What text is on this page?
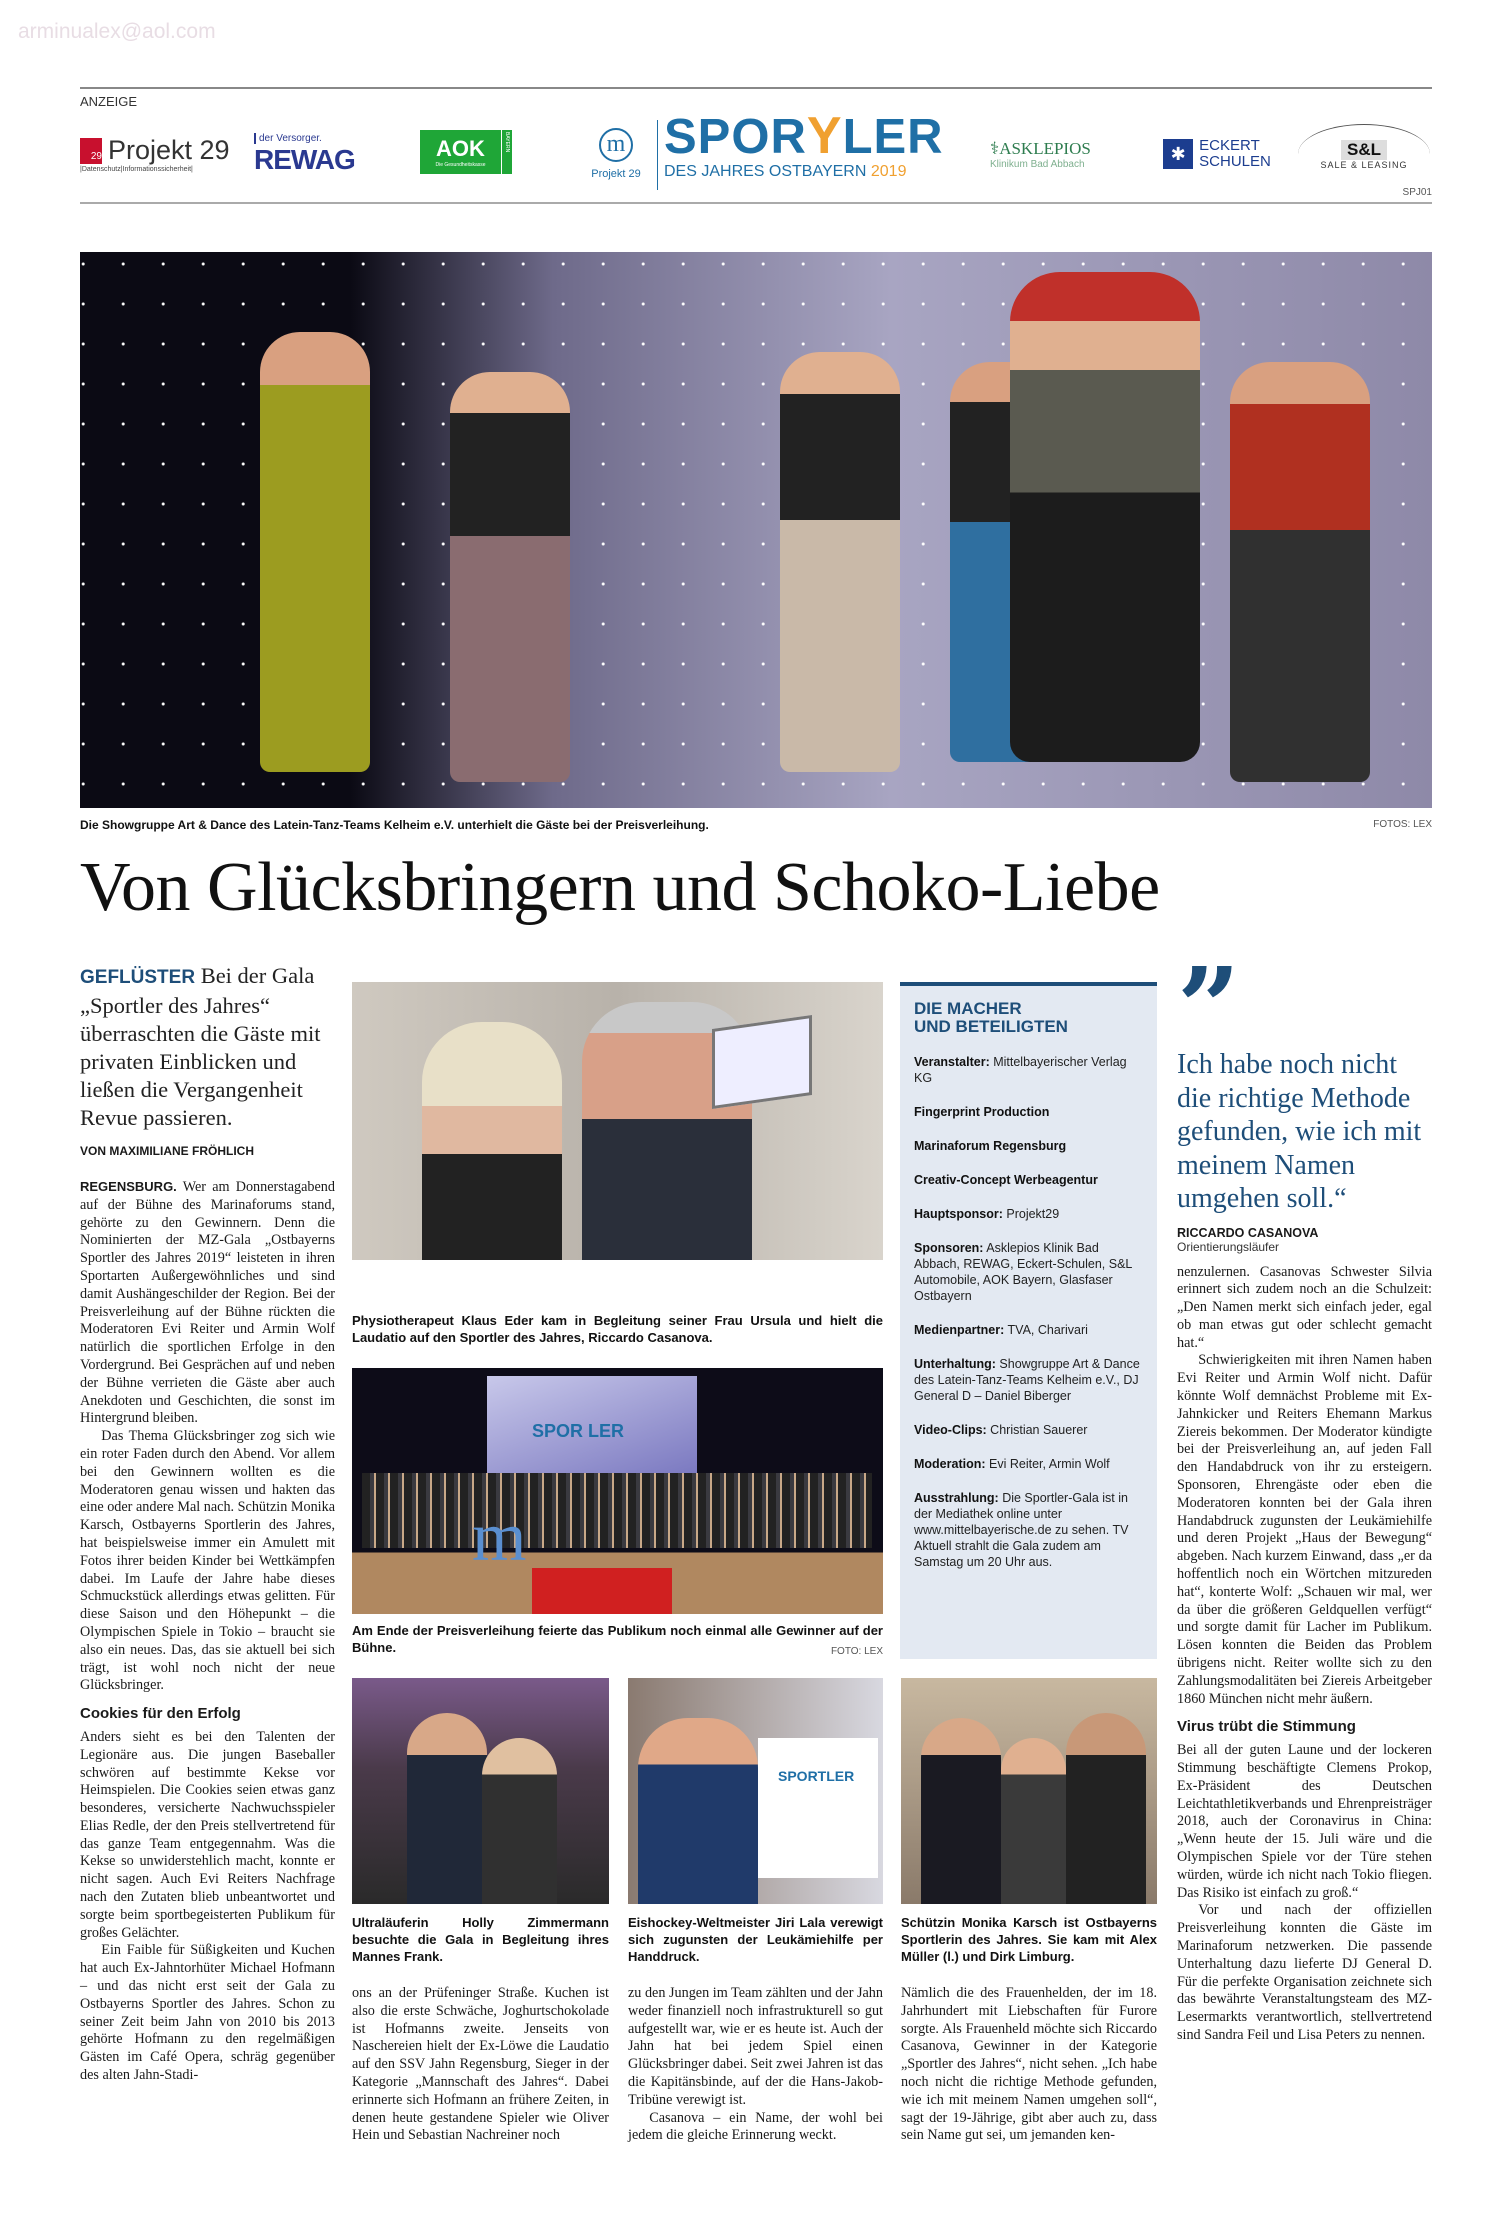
arminualex@aol.com
ANZEIGE
29 Projekt 29
|Datenschutz|Informationssicherheit|
der Versorger.
REWAG	AOK
Die Gesundheitskasse
BAYERN	m
Projekt 29
SPORYLER
DES JAHRES OSTBAYERN 2019
⚕ASKLEPIOS
Klinikum Bad Abbach	✱ ECKERT
SCHULEN
S&L
SALE & LEASING
SPJ01
Die Showgruppe Art & Dance des Latein-Tanz-Teams Kelheim e.V. unterhielt die Gäste bei der Preisverleihung.	FOTOS: LEX
Von Glücksbringern und Schoko-Liebe
GEFLÜSTER Bei der Gala „Sportler des Jahres“ überraschten die Gäste mit privaten Einblicken und ließen die Vergangenheit Revue passieren.
VON MAXIMILIANE FRÖHLICH

REGENSBURG. Wer am Donnerstagabend auf der Bühne des Marinaforums stand, gehörte zu den Gewinnern. Denn die Nominierten der MZ-Gala „Ostbayerns Sportler des Jahres 2019“ leisteten in ihren Sportarten Außergewöhnliches und sind damit Aushängeschilder der Region. Bei der Preisverleihung auf der Bühne rückten die Moderatoren Evi Reiter und Armin Wolf natürlich die sportlichen Erfolge in den Vordergrund. Bei Gesprächen auf und neben der Bühne verrieten die Gäste aber auch Anekdoten und Geschichten, die sonst im Hintergrund bleiben.

Das Thema Glücksbringer zog sich wie ein roter Faden durch den Abend. Vor allem bei den Gewinnern wollten es die Moderatoren genau wissen und hakten das eine oder andere Mal nach. Schützin Monika Karsch, Ostbayerns Sportlerin des Jahres, hat beispielsweise immer ein Amulett mit Fotos ihrer beiden Kinder bei Wettkämpfen dabei. Im Laufe der Jahre habe dieses Schmuckstück allerdings etwas gelitten. Für diese Saison und den Höhepunkt – die Olympischen Spiele in Tokio – braucht sie also ein neues. Das, das sie aktuell bei sich trägt, ist wohl noch nicht der neue Glücksbringer.

Cookies für den Erfolg

Anders sieht es bei den Talenten der Legionäre aus. Die jungen Baseballer schwören auf bestimmte Kekse vor Heimspielen. Die Cookies seien etwas ganz besonderes, versicherte Nachwuchsspieler Elias Redle, der den Preis stellvertretend für das ganze Team entgegennahm. Was die Kekse so unwiderstehlich macht, konnte er nicht sagen. Auch Evi Reiters Nachfrage nach den Zutaten blieb unbeantwortet und sorgte beim sportbegeisterten Publikum für großes Gelächter.

Ein Faible für Süßigkeiten und Kuchen hat auch Ex-Jahntorhüter Michael Hofmann – und das nicht erst seit der Gala zu Ostbayerns Sportler des Jahres. Schon zu seiner Zeit beim Jahn von 2010 bis 2013 gehörte Hofmann zu den regelmäßigen Gästen im Café Opera, schräg gegenüber des alten Jahn-Stadi-

Physiotherapeut Klaus Eder kam in Begleitung seiner Frau Ursula und hielt die Laudatio auf den Sportler des Jahres, Riccardo Casanova.
SPOR LER
m
Am Ende der Preisverleihung feierte das Publikum noch einmal alle Gewinner auf der Bühne.	FOTO: LEX
SPORTLER
Ultraläuferin Holly Zimmermann besuchte die Gala in Begleitung ihres Mannes Frank.

ons an der Prüfeninger Straße. Kuchen ist also die erste Schwäche, Joghurtschokolade ist Hofmanns zweite. Jenseits von Naschereien hielt der Ex-Löwe die Laudatio auf den SSV Jahn Regensburg, Sieger in der Kategorie „Mannschaft des Jahres“. Dabei erinnerte sich Hofmann an frühere Zeiten, in denen heute gestandene Spieler wie Oliver Hein und Sebastian Nachreiner noch

Eishockey-Weltmeister Jiri Lala verewigt sich zugunsten der Leukämiehilfe per Handdruck.

zu den Jungen im Team zählten und der Jahn weder finanziell noch infrastrukturell so gut aufgestellt war, wie er es heute ist. Auch der Jahn hat bei jedem Spiel einen Glücksbringer dabei. Seit zwei Jahren ist das die Kapitänsbinde, auf der die Hans-Jakob-Tribüne verewigt ist.

Casanova – ein Name, der wohl bei jedem die gleiche Erinnerung weckt.

Schützin Monika Karsch ist Ostbayerns Sportlerin des Jahres. Sie kam mit Alex Müller (l.) und Dirk Limburg.

Nämlich die des Frauenhelden, der im 18. Jahrhundert mit Liebschaften für Furore sorgte. Als Frauenheld möchte sich Riccardo Casanova, Gewinner in der Kategorie „Sportler des Jahres“, nicht sehen. „Ich habe noch nicht die richtige Methode gefunden, wie ich mit meinem Namen umgehen soll“, sagt der 19-Jährige, gibt aber auch zu, dass sein Name gut sei, um jemanden ken-

DIE MACHER
UND BETEILIGTEN
Veranstalter: Mittelbayerischer Verlag KG
Fingerprint Production
Marinaforum Regensburg
Creativ-Concept Werbeagentur
Hauptsponsor: Projekt29
Sponsoren: Asklepios Klinik Bad Abbach, REWAG, Eckert-Schulen, S&L Automobile, AOK Bayern, Glasfaser Ostbayern
Medienpartner: TVA, Charivari
Unterhaltung: Showgruppe Art & Dance des Latein-Tanz-Teams Kelheim e.V., DJ General D – Daniel Biberger
Video-Clips: Christian Sauerer
Moderation: Evi Reiter, Armin Wolf
Ausstrahlung: Die Sportler-Gala ist in der Mediathek online unter www.mittelbayerische.de zu sehen. TV Aktuell strahlt die Gala zudem am Samstag um 20 Uhr aus.
”
Ich habe noch nicht die richtige Methode gefunden, wie ich mit meinem Namen umgehen soll.“
RICCARDO CASANOVA
Orientierungsläufer

nenzulernen. Casanovas Schwester Silvia erinnert sich zudem noch an die Schulzeit: „Den Namen merkt sich einfach jeder, egal ob man etwas gut oder schlecht gemacht hat.“

Schwierigkeiten mit ihren Namen haben Evi Reiter und Armin Wolf nicht. Dafür könnte Wolf demnächst Probleme mit Ex-Jahnkicker und Reiters Ehemann Markus Ziereis bekommen. Der Moderator kündigte bei der Preisverleihung an, auf jeden Fall den Handabdruck von ihr zu ersteigern. Sponsoren, Ehrengäste oder eben die Moderatoren konnten bei der Gala ihren Handabdruck zugunsten der Leukämiehilfe und deren Projekt „Haus der Bewegung“ abgeben. Nach kurzem Einwand, dass „er da hoffentlich noch ein Wörtchen mitzureden hat“, konterte Wolf: „Schauen wir mal, wer da über die größeren Geldquellen verfügt“ und sorgte damit für Lacher im Publikum. Lösen konnten die Beiden das Problem übrigens nicht. Reiter wollte sich zu den Zahlungsmodalitäten bei Ziereis Arbeitgeber 1860 München nicht mehr äußern.

Virus trübt die Stimmung

Bei all der guten Laune und der lockeren Stimmung beschäftigte Clemens Prokop, Ex-Präsident des Deutschen Leichtathletikverbands und Ehrenpreisträger 2018, auch der Coronavirus in China: „Wenn heute der 15. Juli wäre und die Olympischen Spiele vor der Türe stehen würden, würde ich nicht nach Tokio fliegen. Das Risiko ist einfach zu groß.“

Vor und nach der offiziellen Preisverleihung konnten die Gäste im Marinaforum netzwerken. Die passende Unterhaltung dazu lieferte DJ General D. Für die perfekte Organisation zeichnete sich das bewährte Veranstaltungsteam des MZ-Lesermarkts verantwortlich, stellvertretend sind Sandra Feil und Lisa Peters zu nennen.
